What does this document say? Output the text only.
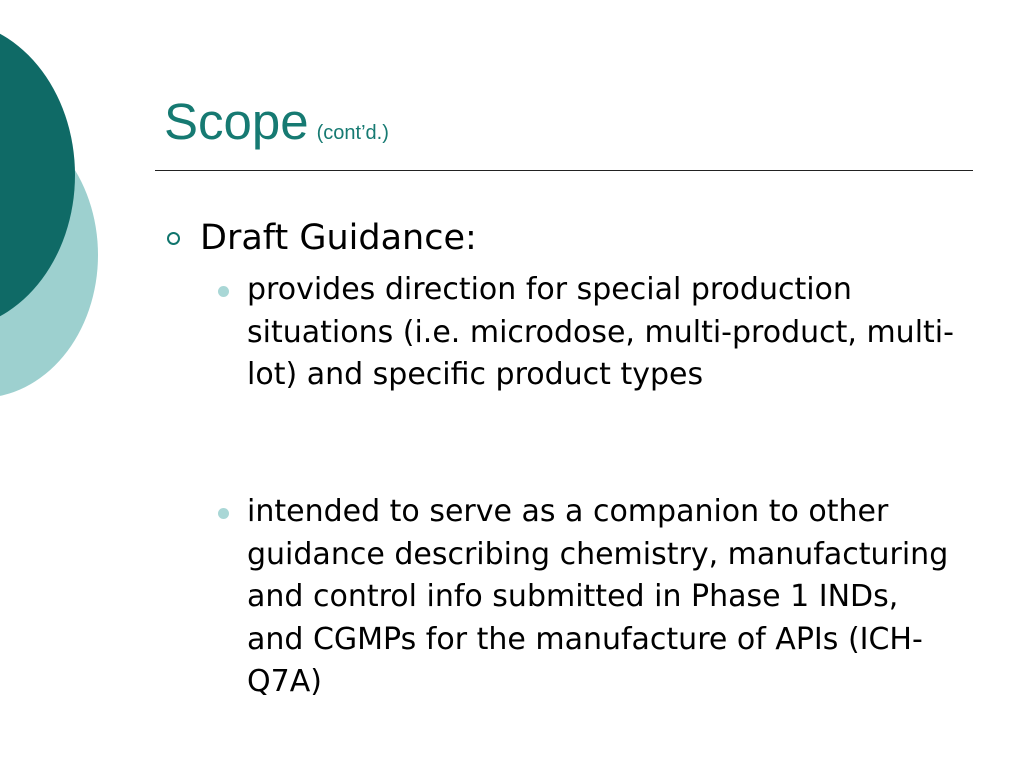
Scope (cont’d.)
Draft Guidance:
provides direction for special production situations (i.e. microdose, multi-product, multi-lot) and specific product types
intended to serve as a companion to other guidance describing chemistry, manufacturing and control info submitted in Phase 1 INDs, and CGMPs for the manufacture of APIs (ICH-Q7A)
